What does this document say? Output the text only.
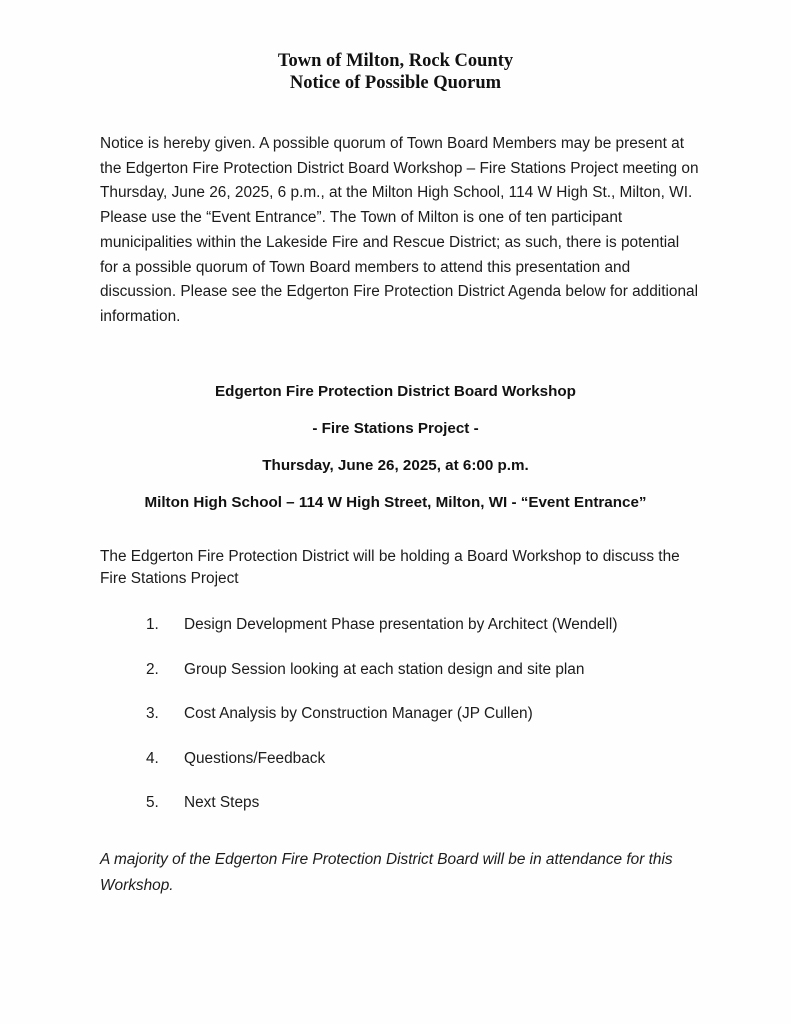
Town of Milton, Rock County
Notice of Possible Quorum

Notice is hereby given. A possible quorum of Town Board Members may be present at the Edgerton Fire Protection District Board Workshop – Fire Stations Project meeting on Thursday, June 26, 2025, 6 p.m., at the Milton High School, 114 W High St., Milton, WI. Please use the “Event Entrance”. The Town of Milton is one of ten participant municipalities within the Lakeside Fire and Rescue District; as such, there is potential for a possible quorum of Town Board members to attend this presentation and discussion. Please see the Edgerton Fire Protection District Agenda below for additional information.

Edgerton Fire Protection District Board Workshop
- Fire Stations Project -
Thursday, June 26, 2025, at 6:00 p.m.
Milton High School – 114 W High Street, Milton, WI - “Event Entrance”

The Edgerton Fire Protection District will be holding a Board Workshop to discuss the Fire Stations Project

1.	Design Development Phase presentation by Architect (Wendell)
2.	Group Session looking at each station design and site plan
3.	Cost Analysis by Construction Manager (JP Cullen)
4.	Questions/Feedback
5.	Next Steps

A majority of the Edgerton Fire Protection District Board will be in attendance for this Workshop.
